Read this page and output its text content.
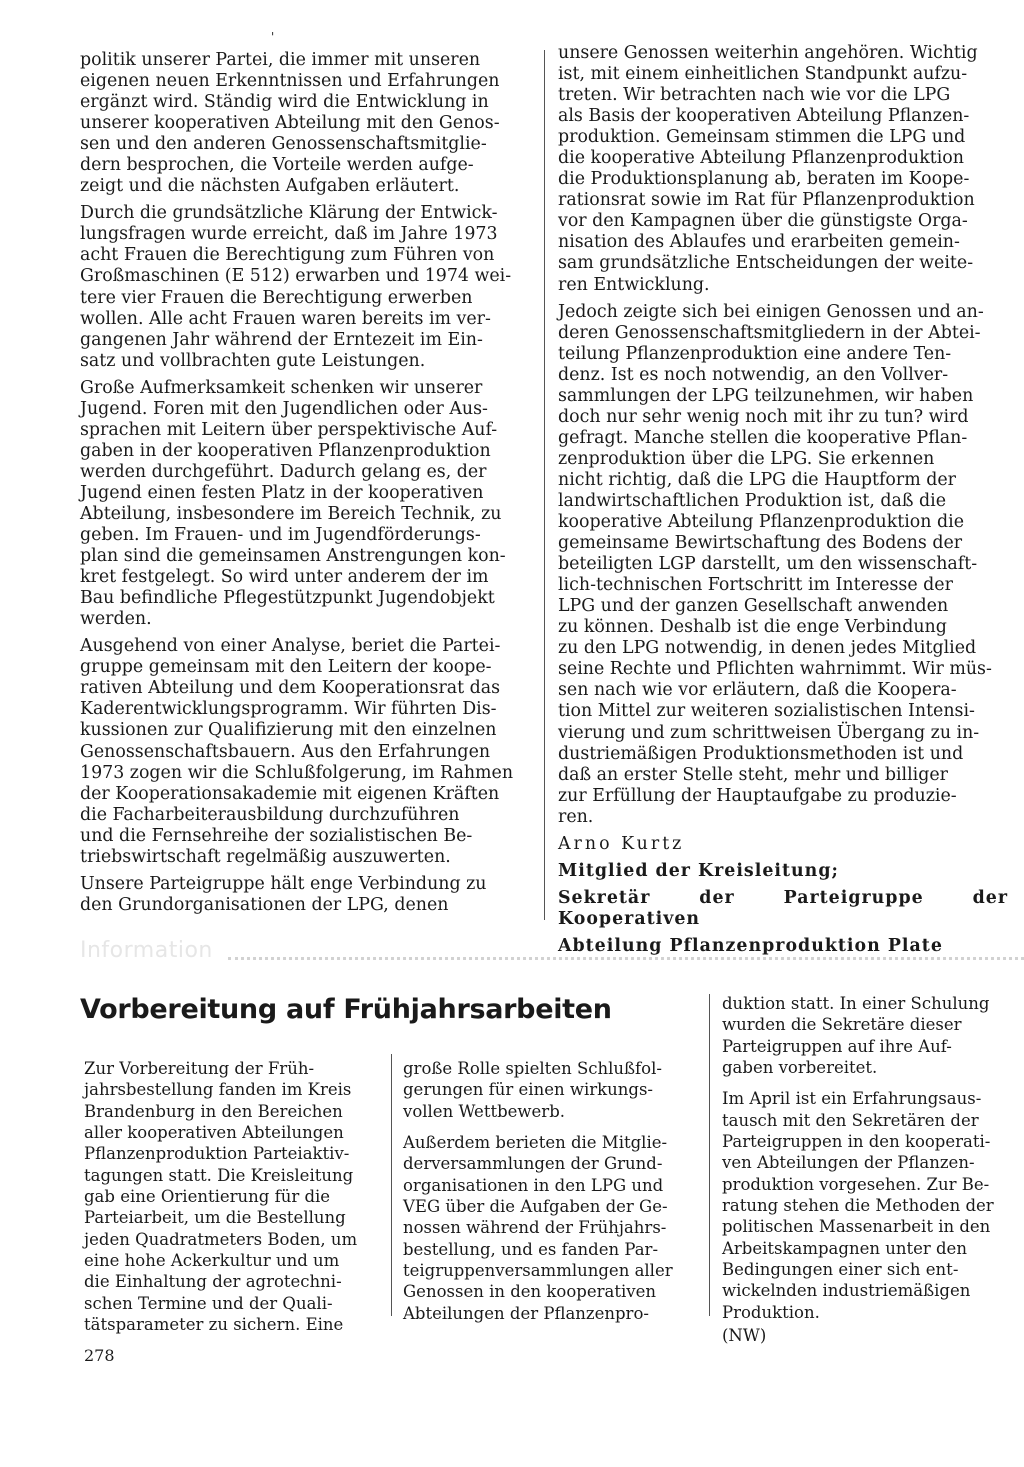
'

politik unserer Partei, die immer mit unseren
eigenen neuen Erkenntnissen und Erfahrungen
ergänzt wird. Ständig wird die Entwicklung in
unserer kooperativen Abteilung mit den Genos-
sen und den anderen Genossenschaftsmitglie-
dern besprochen, die Vorteile werden aufge-
zeigt und die nächsten Aufgaben erläutert.

Durch die grundsätzliche Klärung der Entwick-
lungsfragen wurde erreicht, daß im Jahre 1973
acht Frauen die Berechtigung zum Führen von
Großmaschinen (E 512) erwarben und 1974 wei-
tere vier Frauen die Berechtigung erwerben
wollen. Alle acht Frauen waren bereits im ver-
gangenen Jahr während der Erntezeit im Ein-
satz und vollbrachten gute Leistungen.

Große Aufmerksamkeit schenken wir unserer
Jugend. Foren mit den Jugendlichen oder Aus-
sprachen mit Leitern über perspektivische Auf-
gaben in der kooperativen Pflanzenproduktion
werden durchgeführt. Dadurch gelang es, der
Jugend einen festen Platz in der kooperativen
Abteilung, insbesondere im Bereich Technik, zu
geben. Im Frauen- und im Jugendförderungs-
plan sind die gemeinsamen Anstrengungen kon-
kret festgelegt. So wird unter anderem der im
Bau befindliche Pflegestützpunkt Jugendobjekt
werden.

Ausgehend von einer Analyse, beriet die Partei-
gruppe gemeinsam mit den Leitern der koope-
rativen Abteilung und dem Kooperationsrat das
Kaderentwicklungsprogramm. Wir führten Dis-
kussionen zur Qualifizierung mit den einzelnen
Genossenschaftsbauern. Aus den Erfahrungen
1973 zogen wir die Schlußfolgerung, im Rahmen
der Kooperationsakademie mit eigenen Kräften
die Facharbeiterausbildung durchzuführen
und die Fernsehreihe der sozialistischen Be-
triebswirtschaft regelmäßig auszuwerten.

Unsere Parteigruppe hält enge Verbindung zu
den Grundorganisationen der LPG, denen

unsere Genossen weiterhin angehören. Wichtig
ist, mit einem einheitlichen Standpunkt aufzu-
treten. Wir betrachten nach wie vor die LPG
als Basis der kooperativen Abteilung Pflanzen-
produktion. Gemeinsam stimmen die LPG und
die kooperative Abteilung Pflanzenproduktion
die Produktionsplanung ab, beraten im Koope-
rationsrat sowie im Rat für Pflanzenproduktion
vor den Kampagnen über die günstigste Orga-
nisation des Ablaufes und erarbeiten gemein-
sam grundsätzliche Entscheidungen der weite-
ren Entwicklung.

Jedoch zeigte sich bei einigen Genossen und an-
deren Genossenschaftsmitgliedern in der Abtei-
teilung Pflanzenproduktion eine andere Ten-
denz. Ist es noch notwendig, an den Vollver-
sammlungen der LPG teilzunehmen, wir haben
doch nur sehr wenig noch mit ihr zu tun? wird
gefragt. Manche stellen die kooperative Pflan-
zenproduktion über die LPG. Sie erkennen
nicht richtig, daß die LPG die Hauptform der
landwirtschaftlichen Produktion ist, daß die
kooperative Abteilung Pflanzenproduktion die
gemeinsame Bewirtschaftung des Bodens der
beteiligten LGP darstellt, um den wissenschaft-
lich-technischen Fortschritt im Interesse der
LPG und der ganzen Gesellschaft anwenden
zu können. Deshalb ist die enge Verbindung
zu den LPG notwendig, in denen jedes Mitglied
seine Rechte und Pflichten wahrnimmt. Wir müs-
sen nach wie vor erläutern, daß die Koopera-
tion Mittel zur weiteren sozialistischen Intensi-
vierung und zum schrittweisen Übergang zu in-
dustriemäßigen Produktionsmethoden ist und
daß an erster Stelle steht, mehr und billiger
zur Erfüllung der Hauptaufgabe zu produzie-
ren.

Arno Kurtz

Mitglied der Kreisleitung;

Sekretär der Parteigruppe der Kooperativen

Abteilung Pflanzenproduktion Plate

Information
Vorbereitung auf Frühjahrsarbeiten

Zur Vorbereitung der Früh-
jahrsbestellung fanden im Kreis
Brandenburg in den Bereichen
aller kooperativen Abteilungen
Pflanzenproduktion Parteiaktiv-
tagungen statt. Die Kreisleitung
gab eine Orientierung für die
Parteiarbeit, um die Bestellung
jeden Quadratmeters Boden, um
eine hohe Ackerkultur und um
die Einhaltung der agrotechni-
schen Termine und der Quali-
tätsparameter zu sichern. Eine

große Rolle spielten Schlußfol-
gerungen für einen wirkungs-
vollen Wettbewerb.

Außerdem berieten die Mitglie-
derversammlungen der Grund-
organisationen in den LPG und
VEG über die Aufgaben der Ge-
nossen während der Frühjahrs-
bestellung, und es fanden Par-
teigruppenversammlungen aller
Genossen in den kooperativen
Abteilungen der Pflanzenpro-

duktion statt. In einer Schulung
wurden die Sekretäre dieser
Parteigruppen auf ihre Auf-
gaben vorbereitet.

Im April ist ein Erfahrungsaus-
tausch mit den Sekretären der
Parteigruppen in den kooperati-
ven Abteilungen der Pflanzen-
produktion vorgesehen. Zur Be-
ratung stehen die Methoden der
politischen Massenarbeit in den
Arbeitskampagnen unter den
Bedingungen einer sich ent-
wickelnden industriemäßigen
Produktion.

(NW)

278
